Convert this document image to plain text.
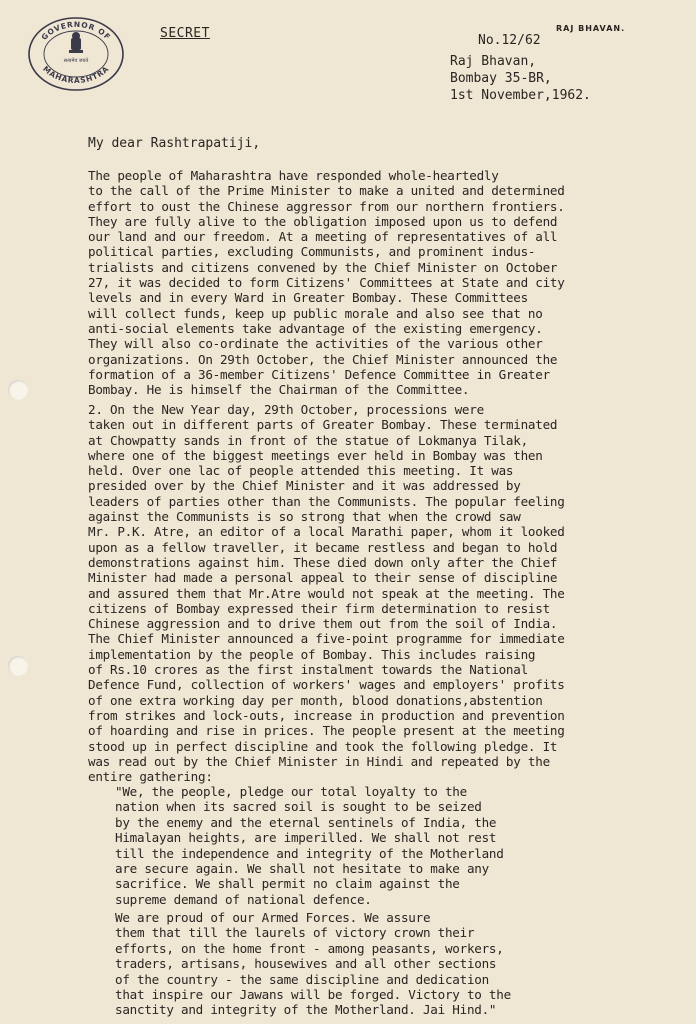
GOVERNOR OF
MAHARASHTRA
सत्यमेव जयते
SECRET	RAJ BHAVAN.
No.12/62
Raj Bhavan,
Bombay 35-BR,
1st November,1962.
My dear Rashtrapatiji,
The people of Maharashtra have responded whole-heartedly
to the call of the Prime Minister to make a united and determined
effort to oust the Chinese aggressor from our northern frontiers.
They are fully alive to the obligation imposed upon us to defend
our land and our freedom. At a meeting of representatives of all
political parties, excluding Communists, and prominent indus-
trialists and citizens convened by the Chief Minister on October
27, it was decided to form Citizens' Committees at State and city
levels and in every Ward in Greater Bombay. These Committees
will collect funds, keep up public morale and also see that no
anti-social elements take advantage of the existing emergency.
They will also co-ordinate the activities of the various other
organizations. On 29th October, the Chief Minister announced the
formation of a 36-member Citizens' Defence Committee in Greater
Bombay. He is himself the Chairman of the Committee.
2. On the New Year day, 29th October, processions were
taken out in different parts of Greater Bombay. These terminated
at Chowpatty sands in front of the statue of Lokmanya Tilak,
where one of the biggest meetings ever held in Bombay was then
held. Over one lac of people attended this meeting. It was
presided over by the Chief Minister and it was addressed by
leaders of parties other than the Communists. The popular feeling
against the Communists is so strong that when the crowd saw
Mr. P.K. Atre, an editor of a local Marathi paper, whom it looked
upon as a fellow traveller, it became restless and began to hold
demonstrations against him. These died down only after the Chief
Minister had made a personal appeal to their sense of discipline
and assured them that Mr.Atre would not speak at the meeting. The
citizens of Bombay expressed their firm determination to resist
Chinese aggression and to drive them out from the soil of India.
The Chief Minister announced a five-point programme for immediate
implementation by the people of Bombay. This includes raising
of Rs.10 crores as the first instalment towards the National
Defence Fund, collection of workers' wages and employers' profits
of one extra working day per month, blood donations,abstention
from strikes and lock-outs, increase in production and prevention
of hoarding and rise in prices. The people present at the meeting
stood up in perfect discipline and took the following pledge. It
was read out by the Chief Minister in Hindi and repeated by the
entire gathering:
"We, the people, pledge our total loyalty to the
nation when its sacred soil is sought to be seized
by the enemy and the eternal sentinels of India, the
Himalayan heights, are imperilled. We shall not rest
till the independence and integrity of the Motherland
are secure again. We shall not hesitate to make any
sacrifice. We shall permit no claim against the
supreme demand of national defence.
We are proud of our Armed Forces. We assure
them that till the laurels of victory crown their
efforts, on the home front - among peasants, workers,
traders, artisans, housewives and all other sections
of the country - the same discipline and dedication
that inspire our Jawans will be forged. Victory to the
sanctity and integrity of the Motherland. Jai Hind."
